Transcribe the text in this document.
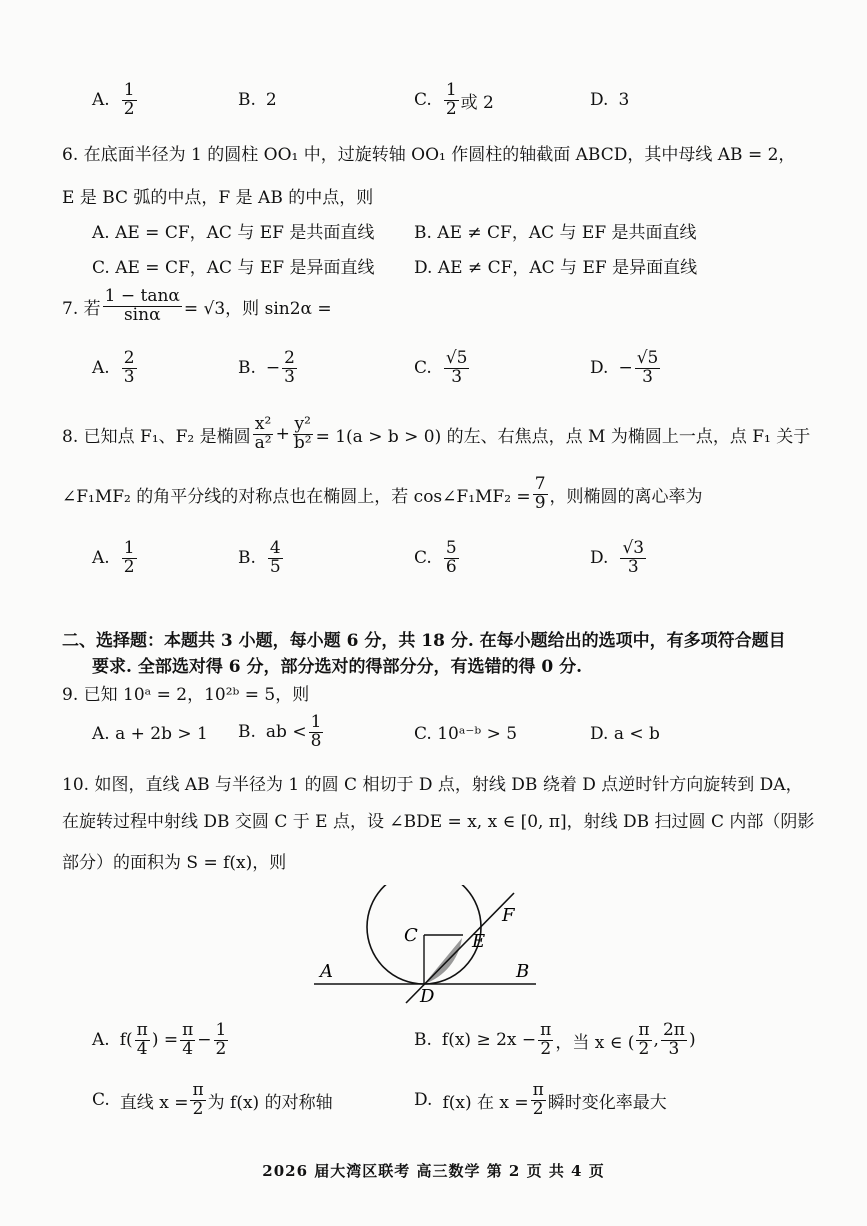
A. $\frac{1}{2}$	B. 2	C. $\frac{1}{2}$ 或 2	D. 3
6. 在底面半径为 1 的圆柱 OO₁ 中，过旋转轴 OO₁ 作圆柱的轴截面 ABCD，其中母线 AB = 2，
E 是 BC 弧的中点，F 是 AB 的中点，则
A. AE = CF，AC 与 EF 是共面直线 B. AE ≠ CF，AC 与 EF 是共面直线
C. AE = CF，AC 与 EF 是异面直线 D. AE ≠ CF，AC 与 EF 是异面直线
7. 若 $\frac{1 - \tan\alpha}{\sin\alpha} = √3$，则 sin2α =
A. $\frac{2}{3}$	B. − $\frac{2}{3}$	C. $\frac{√5}{3}$	D. − $\frac{√5}{3}$
8. 已知点 F₁、F₂ 是椭圆 $\frac{\text{x²}}{\text{a²}} + \frac{\text{y²}}{\text{b²}} = 1(a > b > 0)$ 的左、右焦点，点 M 为椭圆上一点，点 F₁ 关于
∠F₁MF₂ 的角平分线的对称点也在椭圆上，若 cos∠F₁MF₂ = $\frac{7}{9}$ ，则椭圆的离心率为
A. $\frac{1}{2}$	B. $\frac{4}{5}$	C. $\frac{5}{6}$	D. $\frac{√3}{3}$
二、选择题：本题共 3 小题，每小题 6 分，共 18 分. 在每小题给出的选项中，有多项符合题目
要求. 全部选对得 6 分，部分选对的得部分分，有选错的得 0 分.
9. 已知 10ᵃ = 2，10²ᵇ = 5，则
A. a + 2b > 1 B. ab < $\frac{1}{8}$	C. 10ᵃ⁻ᵇ > 5	D. a < b
10. 如图，直线 AB 与半径为 1 的圆 C 相切于 D 点，射线 DB 绕着 D 点逆时针方向旋转到 DA，
在旋转过程中射线 DB 交圆 C 于 E 点，设 ∠BDE = x, x ∈ [0, π]，射线 DB 扫过圆 C 内部（阴影
部分）的面积为 S = f(x)，则
C	E
F
A	B
D
A. $f( \frac{\pi}{4}$ ) = $\frac{\pi}{4} - \frac{1}{2}$	B. $f(x) \ge 2x - \frac{\pi}{2}$ ，当 x ∈ ( $\frac{\pi}{2}$ , $\frac{2\pi}{3}$ )
C. 直线 $x = \frac{\pi}{2}$ 为 f(x) 的对称轴	D. f(x) 在 $x = \frac{\pi}{2}$ 瞬时变化率最大
2026 届大湾区联考 高三数学 第 2 页 共 4 页
